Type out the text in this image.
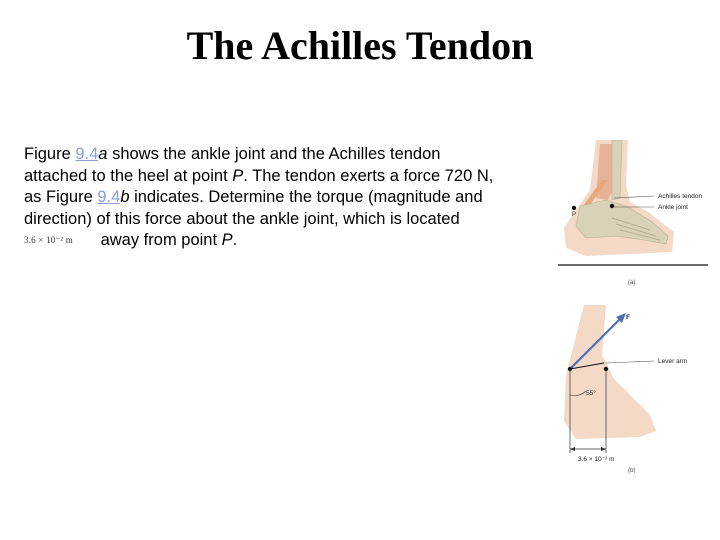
The Achilles Tendon
Figure 9.4a shows the ankle joint and the Achilles tendon attached to the heel at point P. The tendon exerts a force 720 N, as Figure 9.4b indicates. Determine the torque (magnitude and direction) of this force about the ankle joint, which is located 3.6 × 10⁻² m away from point P.
P
Achilles tendon
Ankle joint
(a)
F
Lever arm
55°
3.6 × 10⁻² m
(b)
